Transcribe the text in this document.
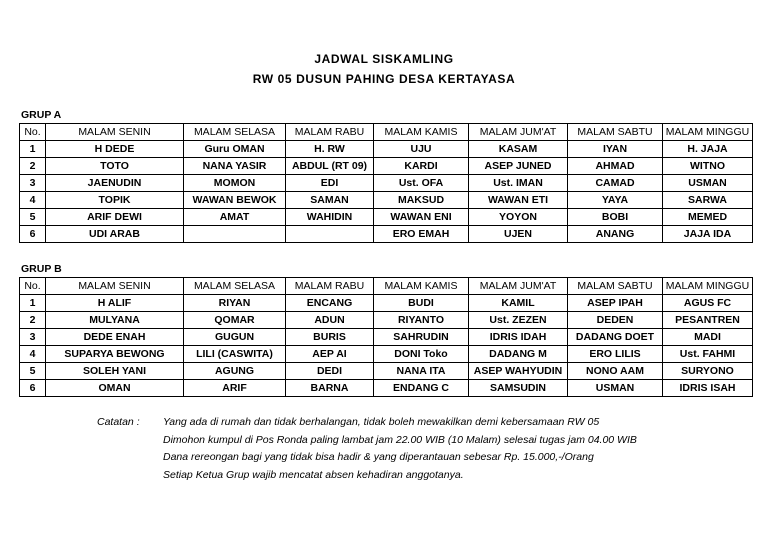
JADWAL SISKAMLING
RW 05 DUSUN PAHING DESA KERTAYASA
GRUP A
No.	MALAM SENIN	MALAM SELASA	MALAM RABU	MALAM KAMIS	MALAM JUM'AT	MALAM SABTU	MALAM MINGGU
1	H DEDE	Guru OMAN	H. RW	UJU	KASAM	IYAN	H. JAJA
2	TOTO	NANA YASIR	ABDUL (RT 09)	KARDI	ASEP JUNED	AHMAD	WITNO
3	JAENUDIN	MOMON	EDI	Ust. OFA	Ust. IMAN	CAMAD	USMAN
4	TOPIK	WAWAN BEWOK	SAMAN	MAKSUD	WAWAN ETI	YAYA	SARWA
5	ARIF DEWI	AMAT	WAHIDIN	WAWAN ENI	YOYON	BOBI	MEMED
6	UDI ARAB			ERO EMAH	UJEN	ANANG	JAJA IDA
GRUP B
No.	MALAM SENIN	MALAM SELASA	MALAM RABU	MALAM KAMIS	MALAM JUM'AT	MALAM SABTU	MALAM MINGGU
1	H ALIF	RIYAN	ENCANG	BUDI	KAMIL	ASEP IPAH	AGUS FC
2	MULYANA	QOMAR	ADUN	RIYANTO	Ust. ZEZEN	DEDEN	PESANTREN
3	DEDE ENAH	GUGUN	BURIS	SAHRUDIN	IDRIS IDAH	DADANG DOET	MADI
4	SUPARYA BEWONG	LILI (CASWITA)	AEP AI	DONI Toko	DADANG M	ERO LILIS	Ust. FAHMI
5	SOLEH YANI	AGUNG	DEDI	NANA ITA	ASEP WAHYUDIN	NONO AAM	SURYONO
6	OMAN	ARIF	BARNA	ENDANG C	SAMSUDIN	USMAN	IDRIS ISAH
Catatan :	Yang ada di rumah dan tidak berhalangan, tidak boleh mewakilkan demi kebersamaan RW 05
Dimohon kumpul di Pos Ronda paling lambat jam 22.00 WIB (10 Malam) selesai tugas jam 04.00 WIB
Dana rereongan bagi yang tidak bisa hadir & yang diperantauan sebesar Rp. 15.000,-/Orang
Setiap Ketua Grup wajib mencatat absen kehadiran anggotanya.
